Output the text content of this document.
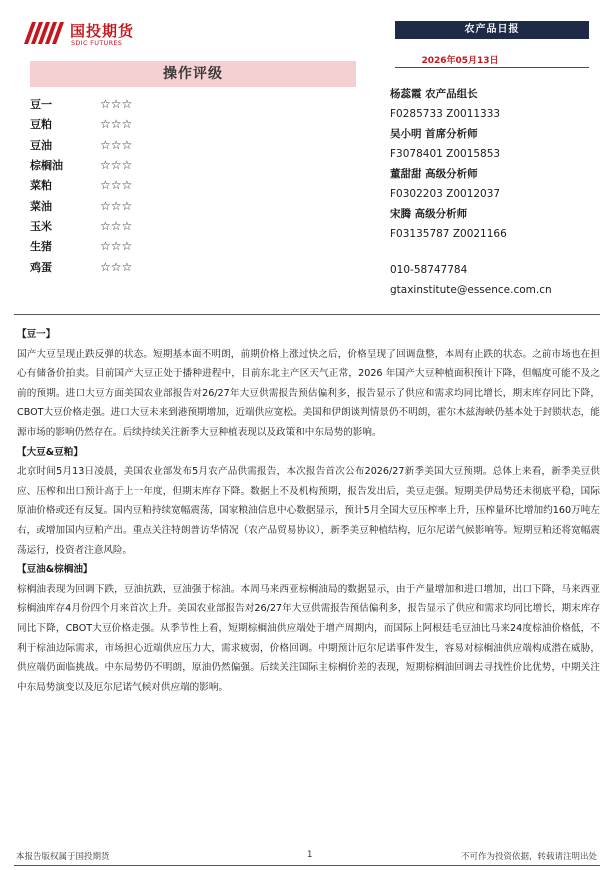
国投期货
SDIC FUTURES
农产品日报
2026年05月13日
操作评级
豆一	☆☆☆
豆粕	☆☆☆
豆油	☆☆☆
棕榈油	☆☆☆
菜粕	☆☆☆
菜油	☆☆☆
玉米	☆☆☆
生猪	☆☆☆
鸡蛋	☆☆☆
杨蕊霞 农产品组长
F0285733 Z0011333
吴小明 首席分析师
F3078401 Z0015853
董甜甜 高级分析师
F0302203 Z0012037
宋腾 高级分析师
F03135787 Z0021166
010-58747784
gtaxinstitute@essence.com.cn
【豆一】
国产大豆呈现止跌反弹的状态。短期基本面不明朗，前期价格上涨过快之后，价格呈现了回调盘整，本周有止跌的状态。之前市场也在担心有储备价拍卖。目前国产大豆正处于播种进程中，目前东北主产区天气正常，2026 年国产大豆种植面积预计下降，但幅度可能不及之前的预期。进口大豆方面美国农业部报告对26/27年大豆供需报告预估偏利多，报告显示了供应和需求均同比增长，期末库存同比下降，CBOT大豆价格走强。进口大豆未来到港预期增加，近端供应宽松。美国和伊朗谈判情景仍不明朗，霍尔木兹海峡仍基本处于封锁状态，能源市场的影响仍然存在。后续持续关注新季大豆种植表现以及政策和中东局势的影响。
【大豆&豆粕】
北京时间5月13日凌晨，美国农业部发布5月农产品供需报告，本次报告首次公布2026/27新季美国大豆预期。总体上来看，新季美豆供应、压榨和出口预计高于上一年度，但期末库存下降。数据上不及机构预期，报告发出后，美豆走强。短期美伊局势还未彻底平稳，国际原油价格或还有反复。国内豆粕持续宽幅震荡，国家粮油信息中心数据显示，预计5月全国大豆压榨率上升，压榨量环比增加约160万吨左右，或增加国内豆粕产出。重点关注特朗普访华情况（农产品贸易协议），新季美豆种植结构，厄尔尼诺气候影响等。短期豆粕还将宽幅震荡运行，投资者注意风险。
【豆油&棕榈油】
棕榈油表现为回调下跌，豆油抗跌，豆油强于棕油。本周马来西亚棕榈油局的数据显示，由于产量增加和进口增加，出口下降，马来西亚棕榈油库存4月份四个月来首次上升。美国农业部报告对26/27年大豆供需报告预估偏利多，报告显示了供应和需求均同比增长，期末库存同比下降，CBOT大豆价格走强。从季节性上看，短期棕榈油供应端处于增产周期内，而国际上阿根廷毛豆油比马来24度棕油价格低，不利于棕油边际需求，市场担心近端供应压力大，需求疲弱，价格回调。中期预计厄尔尼诺事件发生，容易对棕榈油供应端构成潜在威胁，供应端仍面临挑战。中东局势仍不明朗，原油仍然偏强。后续关注国际主棕榈价差的表现，短期棕榈油回调去寻找性价比优势，中期关注中东局势演变以及厄尔尼诺气候对供应端的影响。
本报告版权属于国投期货	1	不可作为投资依据，转载请注明出处
